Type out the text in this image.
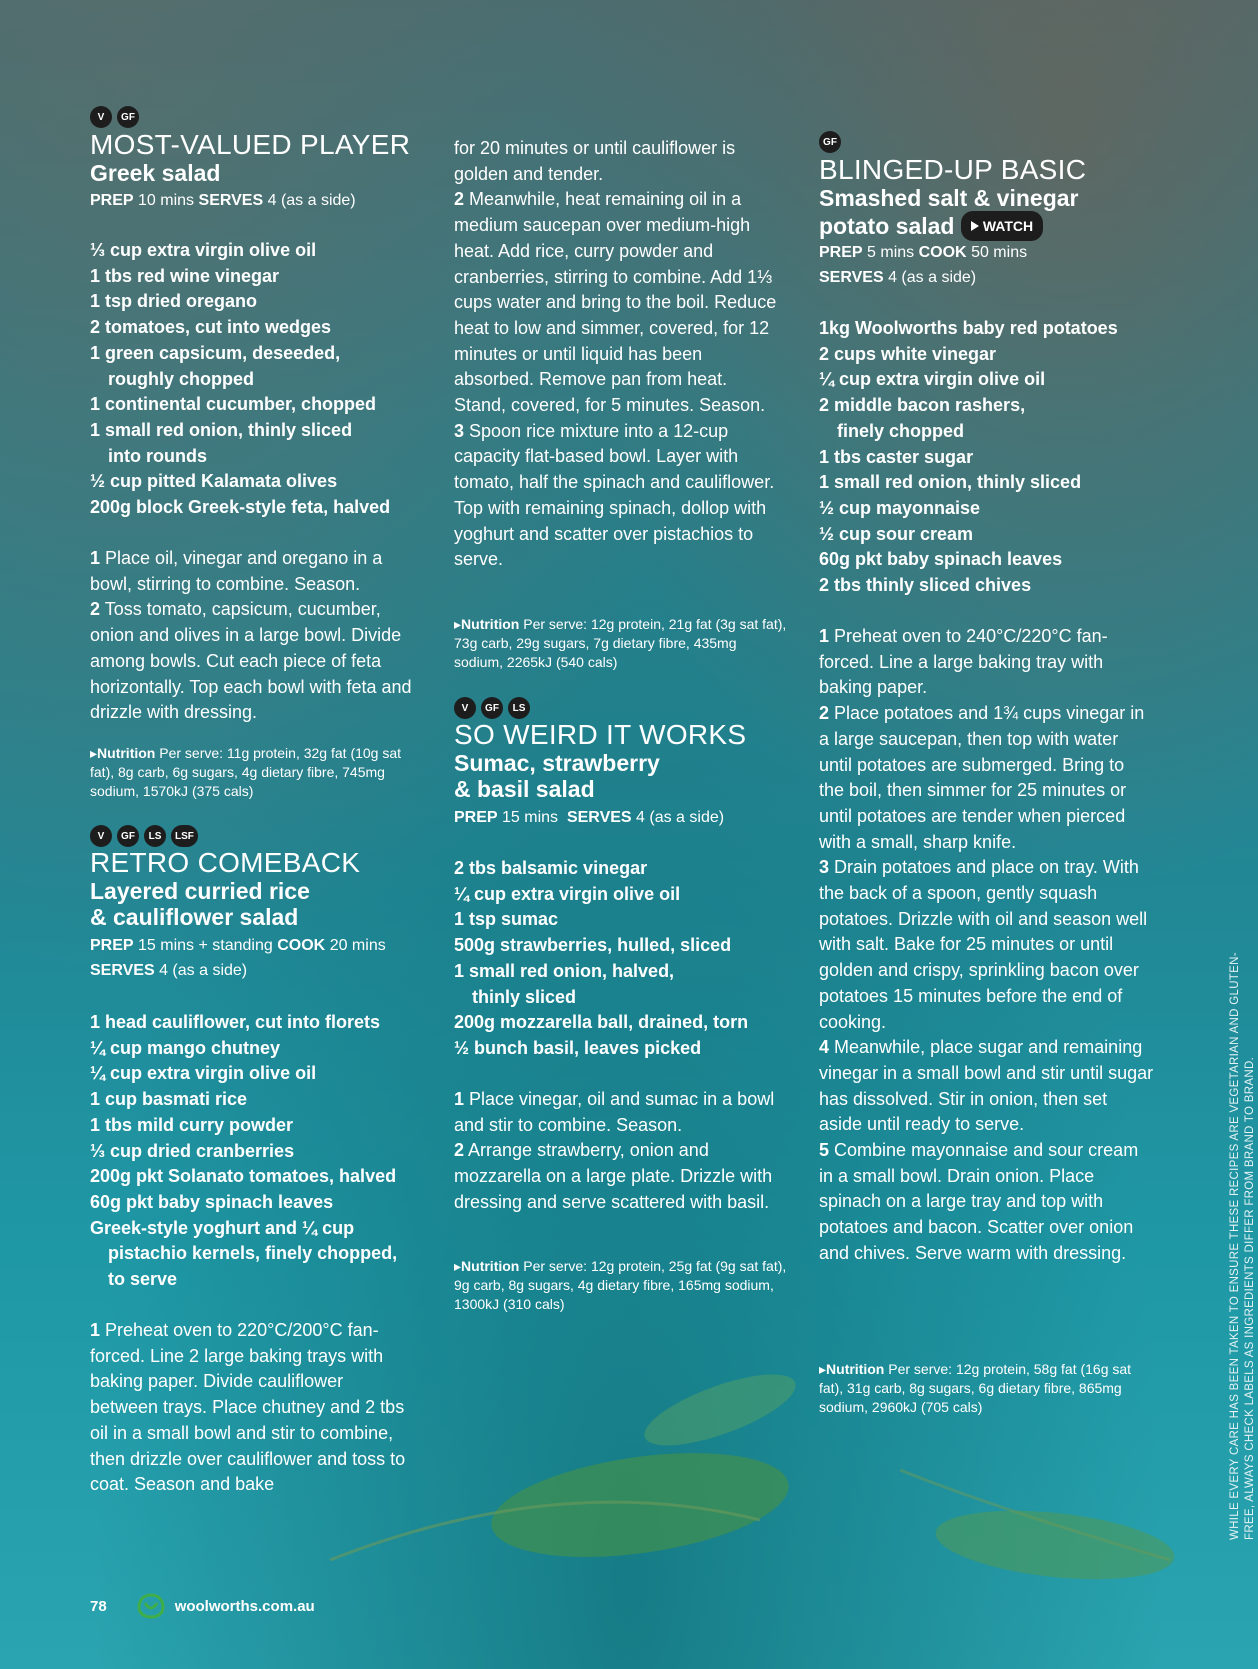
V	GF
MOST-VALUED PLAYER
Greek salad
PREP 10 mins SERVES 4 (as a side)
⅓ cup extra virgin olive oil
1 tbs red wine vinegar
1 tsp dried oregano
2 tomatoes, cut into wedges
1 green capsicum, deseeded,
roughly chopped
1 continental cucumber, chopped
1 small red onion, thinly sliced
into rounds
½ cup pitted Kalamata olives
200g block Greek-style feta, halved
1 Place oil, vinegar and oregano in a bowl, stirring to combine. Season.
2 Toss tomato, capsicum, cucumber, onion and olives in a large bowl. Divide among bowls. Cut each piece of feta horizontally. Top each bowl with feta and drizzle with dressing.
▸Nutrition Per serve: 11g protein, 32g fat (10g sat fat), 8g carb, 6g sugars, 4g dietary fibre, 745mg sodium, 1570kJ (375 cals)
V	GF	LS	LSF
RETRO COMEBACK
Layered curried rice
& cauliflower salad
PREP 15 mins + standing COOK 20 mins
SERVES 4 (as a side)
1 head cauliflower, cut into florets
¼ cup mango chutney
¼ cup extra virgin olive oil
1 cup basmati rice
1 tbs mild curry powder
⅓ cup dried cranberries
200g pkt Solanato tomatoes, halved
60g pkt baby spinach leaves
Greek-style yoghurt and ¼ cup
pistachio kernels, finely chopped,
to serve
1 Preheat oven to 220°C/200°C fan-forced. Line 2 large baking trays with baking paper. Divide cauliflower between trays. Place chutney and 2 tbs oil in a small bowl and stir to combine, then drizzle over cauliflower and toss to coat. Season and bake
for 20 minutes or until cauliflower is golden and tender.
2 Meanwhile, heat remaining oil in a medium saucepan over medium-high heat. Add rice, curry powder and cranberries, stirring to combine. Add 1⅓ cups water and bring to the boil. Reduce heat to low and simmer, covered, for 12 minutes or until liquid has been absorbed. Remove pan from heat. Stand, covered, for 5 minutes. Season.
3 Spoon rice mixture into a 12-cup capacity flat-based bowl. Layer with tomato, half the spinach and cauliflower. Top with remaining spinach, dollop with yoghurt and scatter over pistachios to serve.
▸Nutrition Per serve: 12g protein, 21g fat (3g sat fat), 73g carb, 29g sugars, 7g dietary fibre, 435mg sodium, 2265kJ (540 cals)
V	GF	LS
SO WEIRD IT WORKS
Sumac, strawberry
& basil salad
PREP 15 mins SERVES 4 (as a side)
2 tbs balsamic vinegar
¼ cup extra virgin olive oil
1 tsp sumac
500g strawberries, hulled, sliced
1 small red onion, halved,
thinly sliced
200g mozzarella ball, drained, torn
½ bunch basil, leaves picked
1 Place vinegar, oil and sumac in a bowl and stir to combine. Season.
2 Arrange strawberry, onion and mozzarella on a large plate. Drizzle with dressing and serve scattered with basil.
▸Nutrition Per serve: 12g protein, 25g fat (9g sat fat), 9g carb, 8g sugars, 4g dietary fibre, 165mg sodium, 1300kJ (310 cals)
GF
BLINGED-UP BASIC
Smashed salt & vinegar
potato salad WATCH
PREP 5 mins COOK 50 mins
SERVES 4 (as a side)
1kg Woolworths baby red potatoes
2 cups white vinegar
¼ cup extra virgin olive oil
2 middle bacon rashers,
finely chopped
1 tbs caster sugar
1 small red onion, thinly sliced
½ cup mayonnaise
½ cup sour cream
60g pkt baby spinach leaves
2 tbs thinly sliced chives
1 Preheat oven to 240°C/220°C fan-forced. Line a large baking tray with baking paper.
2 Place potatoes and 1¾ cups vinegar in a large saucepan, then top with water until potatoes are submerged. Bring to the boil, then simmer for 25 minutes or until potatoes are tender when pierced with a small, sharp knife.
3 Drain potatoes and place on tray. With the back of a spoon, gently squash potatoes. Drizzle with oil and season well with salt. Bake for 25 minutes or until golden and crispy, sprinkling bacon over potatoes 15 minutes before the end of cooking.
4 Meanwhile, place sugar and remaining vinegar in a small bowl and stir until sugar has dissolved. Stir in onion, then set aside until ready to serve.
5 Combine mayonnaise and sour cream in a small bowl. Drain onion. Place spinach on a large tray and top with potatoes and bacon. Scatter over onion and chives. Serve warm with dressing.
▸Nutrition Per serve: 12g protein, 58g fat (16g sat fat), 31g carb, 8g sugars, 6g dietary fibre, 865mg sodium, 2960kJ (705 cals)	WHILE EVERY CARE HAS BEEN TAKEN TO ENSURE THESE RECIPES ARE VEGETARIAN AND GLUTEN-FREE, ALWAYS CHECK LABELS AS INGREDIENTS DIFFER FROM BRAND TO BRAND.
78	woolworths.com.au
